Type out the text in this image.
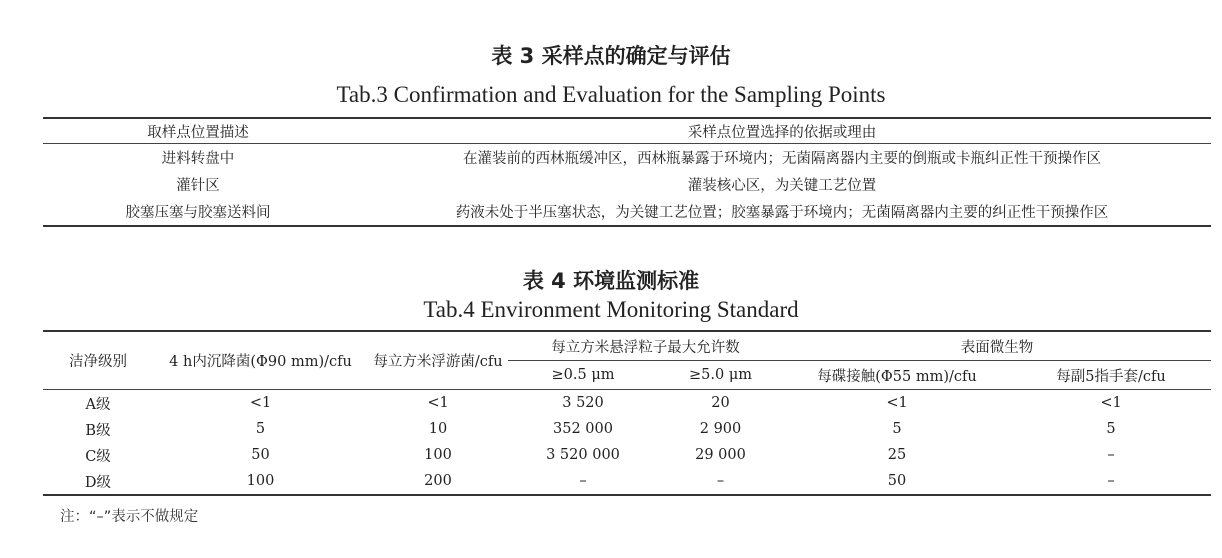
表 3 采样点的确定与评估
Tab.3 Confirmation and Evaluation for the Sampling Points
取样点位置描述	采样点位置选择的依据或理由
进料转盘中	在灌装前的西林瓶缓冲区，西林瓶暴露于环境内；无菌隔离器内主要的倒瓶或卡瓶纠正性干预操作区
灌针区	灌装核心区，为关键工艺位置
胶塞压塞与胶塞送料间	药液未处于半压塞状态，为关键工艺位置；胶塞暴露于环境内；无菌隔离器内主要的纠正性干预操作区
表 4 环境监测标准
Tab.4 Environment Monitoring Standard
洁净级别	4 h内沉降菌(Φ90 mm)/cfu	每立方米浮游菌/cfu	每立方米悬浮粒子最大允许数		表面微生物	
			≥0.5 μm	≥5.0 μm	每碟接触(Φ55 mm)/cfu	每副5指手套/cfu
A级	<1	<1	3 520	20	<1	<1
B级	5	10	352 000	2 900	5	5
C级	50	100	3 520 000	29 000	25	–
D级	100	200	–	–	50	–
注：“–”表示不做规定
